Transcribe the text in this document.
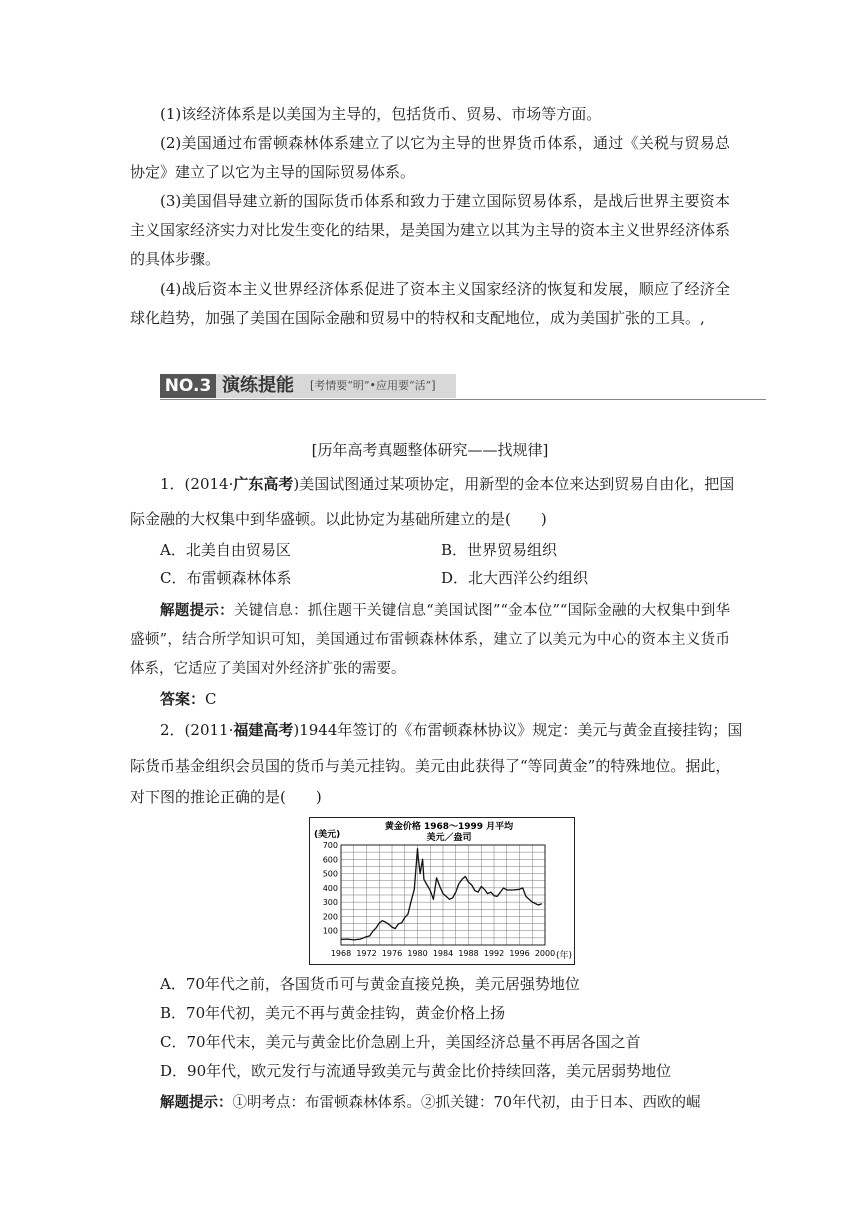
(1)该经济体系是以美国为主导的，包括货币、贸易、市场等方面。
(2)美国通过布雷顿森林体系建立了以它为主导的世界货币体系，通过《关税与贸易总协定》建立了以它为主导的国际贸易体系。
(3)美国倡导建立新的国际货币体系和致力于建立国际贸易体系，是战后世界主要资本主义国家经济实力对比发生变化的结果，是美国为建立以其为主导的资本主义世界经济体系的具体步骤。
(4)战后资本主义世界经济体系促进了资本主义国家经济的恢复和发展，顺应了经济全球化趋势，加强了美国在国际金融和贸易中的特权和支配地位，成为美国扩张的工具。,
NO.3 演练提能 [考情要“明”•应用要“活”]
[历年高考真题整体研究——找规律]
1．(2014·广东高考)美国试图通过某项协定，用新型的金本位来达到贸易自由化，把国
际金融的大权集中到华盛顿。以此协定为基础所建立的是(　　)
A．北美自由贸易区	B．世界贸易组织
C．布雷顿森林体系	D．北大西洋公约组织
解题提示：关键信息：抓住题干关键信息“美国试图”“金本位”“国际金融的大权集中到华盛顿”，结合所学知识可知，美国通过布雷顿森林体系，建立了以美元为中心的资本主义货币体系，它适应了美国对外经济扩张的需要。
答案：C
2．(2011·福建高考)1944年签订的《布雷顿森林协议》规定：美元与黄金直接挂钩；国
际货币基金组织会员国的货币与美元挂钩。美元由此获得了“等同黄金”的特殊地位。据此，
对下图的推论正确的是(　　)
黄金价格 1968～1999 月平均
美元／盎司
(美元)
(年)
100
200
300
400
500
600
700
1968 1972 1976 1980 1984 1988 1992 1996 2000
A．70年代之前，各国货币可与黄金直接兑换，美元居强势地位
B．70年代初，美元不再与黄金挂钩，黄金价格上扬
C．70年代末，美元与黄金比价急剧上升，美国经济总量不再居各国之首
D．90年代，欧元发行与流通导致美元与黄金比价持续回落，美元居弱势地位
解题提示：①明考点：布雷顿森林体系。②抓关键：70年代初，由于日本、西欧的崛
